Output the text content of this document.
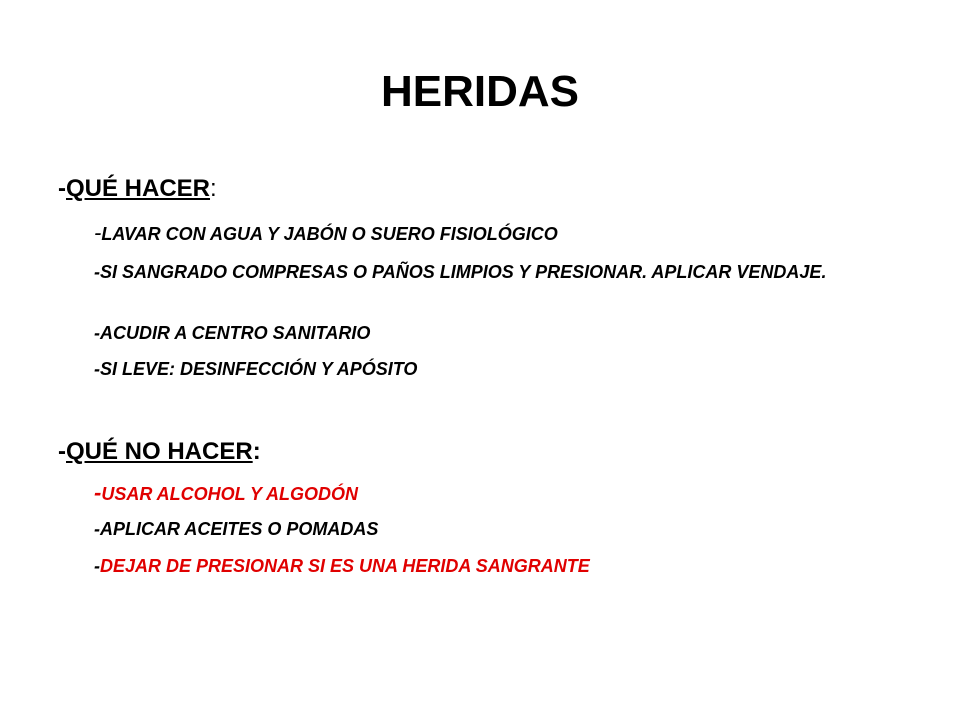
HERIDAS
-QUÉ HACER:
-LAVAR CON AGUA Y JABÓN O SUERO FISIOLÓGICO
-SI SANGRADO COMPRESAS O PAÑOS LIMPIOS Y PRESIONAR. APLICAR VENDAJE.
-ACUDIR A CENTRO SANITARIO
-SI LEVE: DESINFECCIÓN Y APÓSITO
-QUÉ NO HACER:
-USAR ALCOHOL Y ALGODÓN
-APLICAR ACEITES O POMADAS
-DEJAR DE PRESIONAR SI ES UNA HERIDA SANGRANTE
